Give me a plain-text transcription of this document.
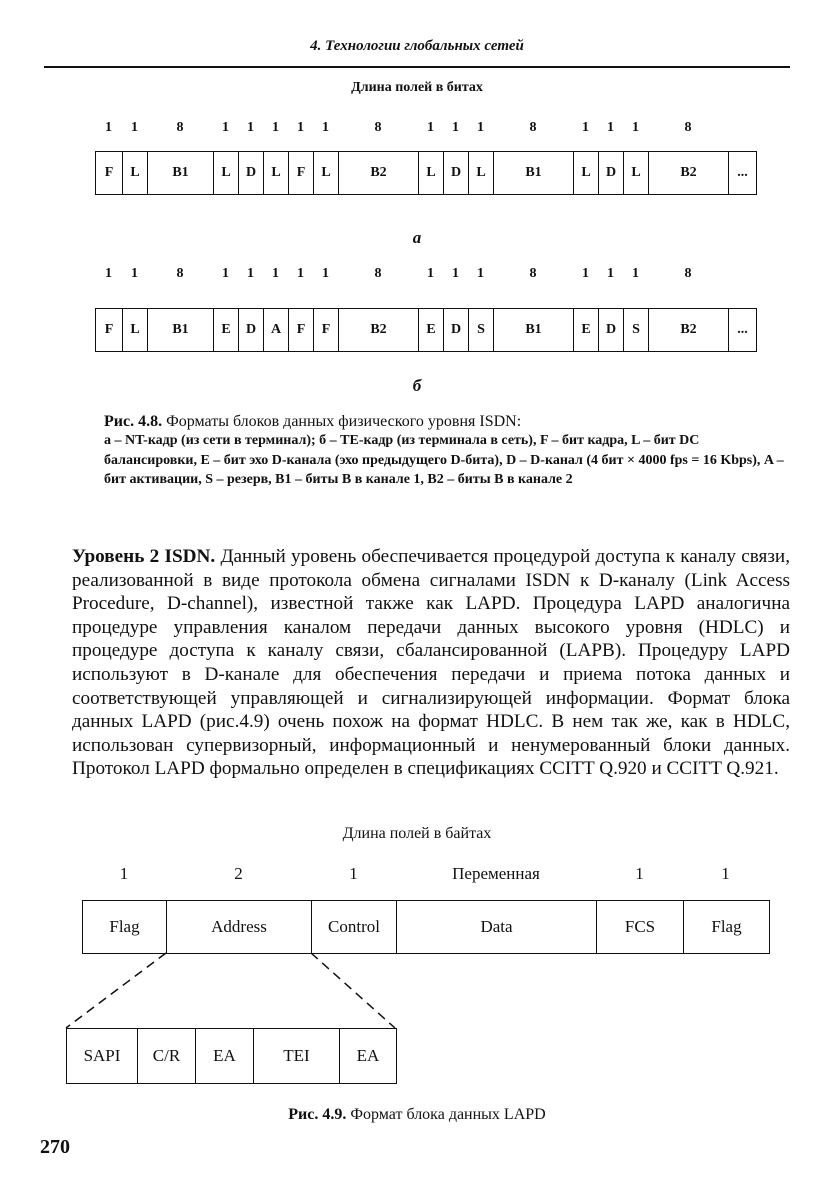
4. Технологии глобальных сетей
Длина полей в битах
1 1	8	1 1 1 1 1	8	1 1 1	8	1 1 1	8
F	L	B1	L	D	L	F	L	B2	L	D	L	B1	L	D	L	B2	...
а
1 1	8	1 1 1 1 1	8	1 1 1	8	1 1 1	8
F	L	B1	E	D	A	F	F	B2	E	D	S	B1	E	D	S	B2	...
б
Рис. 4.8. Форматы блоков данных физического уровня ISDN:
а – NT-кадр (из сети в терминал); б – TE-кадр (из терминала в сеть), F – бит кадра, L – бит DC балансировки, E – бит эхо D-канала (эхо предыдущего D-бита), D – D-канал (4 бит × 4000 fps = 16 Kbps), A – бит активации, S – резерв, B1 – биты B в канале 1, B2 – биты B в канале 2
Уровень 2 ISDN. Данный уровень обеспечивается процедурой доступа к каналу связи, реализованной в виде протокола обмена сигналами ISDN к D-каналу (Link Access Procedure, D-channel), известной также как LAPD. Процедура LAPD аналогична процедуре управления каналом передачи данных высокого уровня (HDLC) и процедуре доступа к каналу связи, сбалансированной (LAPB). Процедуру LAPD используют в D-канале для обеспечения передачи и приема потока данных и соответствующей управляющей и сигнализирующей информации. Формат блока данных LAPD (рис.4.9) очень похож на формат HDLC. В нем так же, как в HDLC, использован супервизорный, информационный и ненумерованный блоки данных. Протокол LAPD формально определен в спецификациях CCITT Q.920 и CCITT Q.921.
Длина полей в байтах
1	2	1	Переменная	1	1
Flag	Address	Control	Data	FCS	Flag
SAPI	C/R	EA	TEI	EA
Рис. 4.9. Формат блока данных LAPD
270
